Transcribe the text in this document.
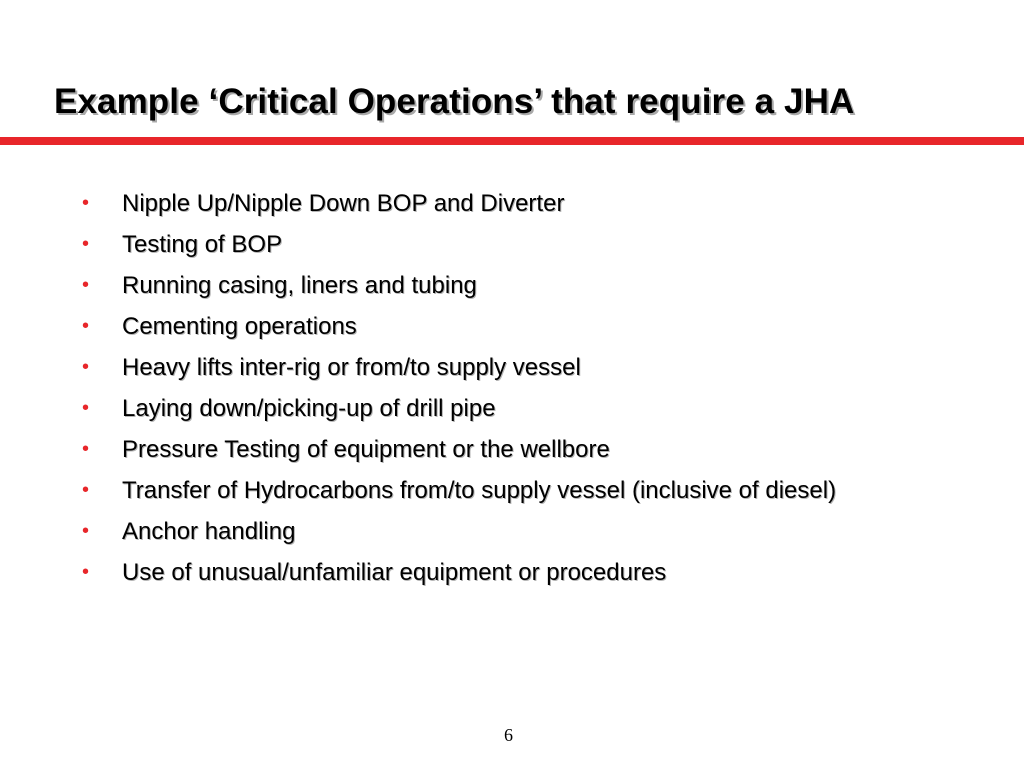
Example ‘Critical Operations’ that require a JHA
• Nipple Up/Nipple Down BOP and Diverter
• Testing of BOP
• Running casing, liners and tubing
• Cementing operations
• Heavy lifts inter-rig or from/to supply vessel
• Laying down/picking-up of drill pipe
• Pressure Testing of equipment or the wellbore
• Transfer of Hydrocarbons from/to supply vessel (inclusive of diesel)
• Anchor handling
• Use of unusual/unfamiliar equipment or procedures
6
